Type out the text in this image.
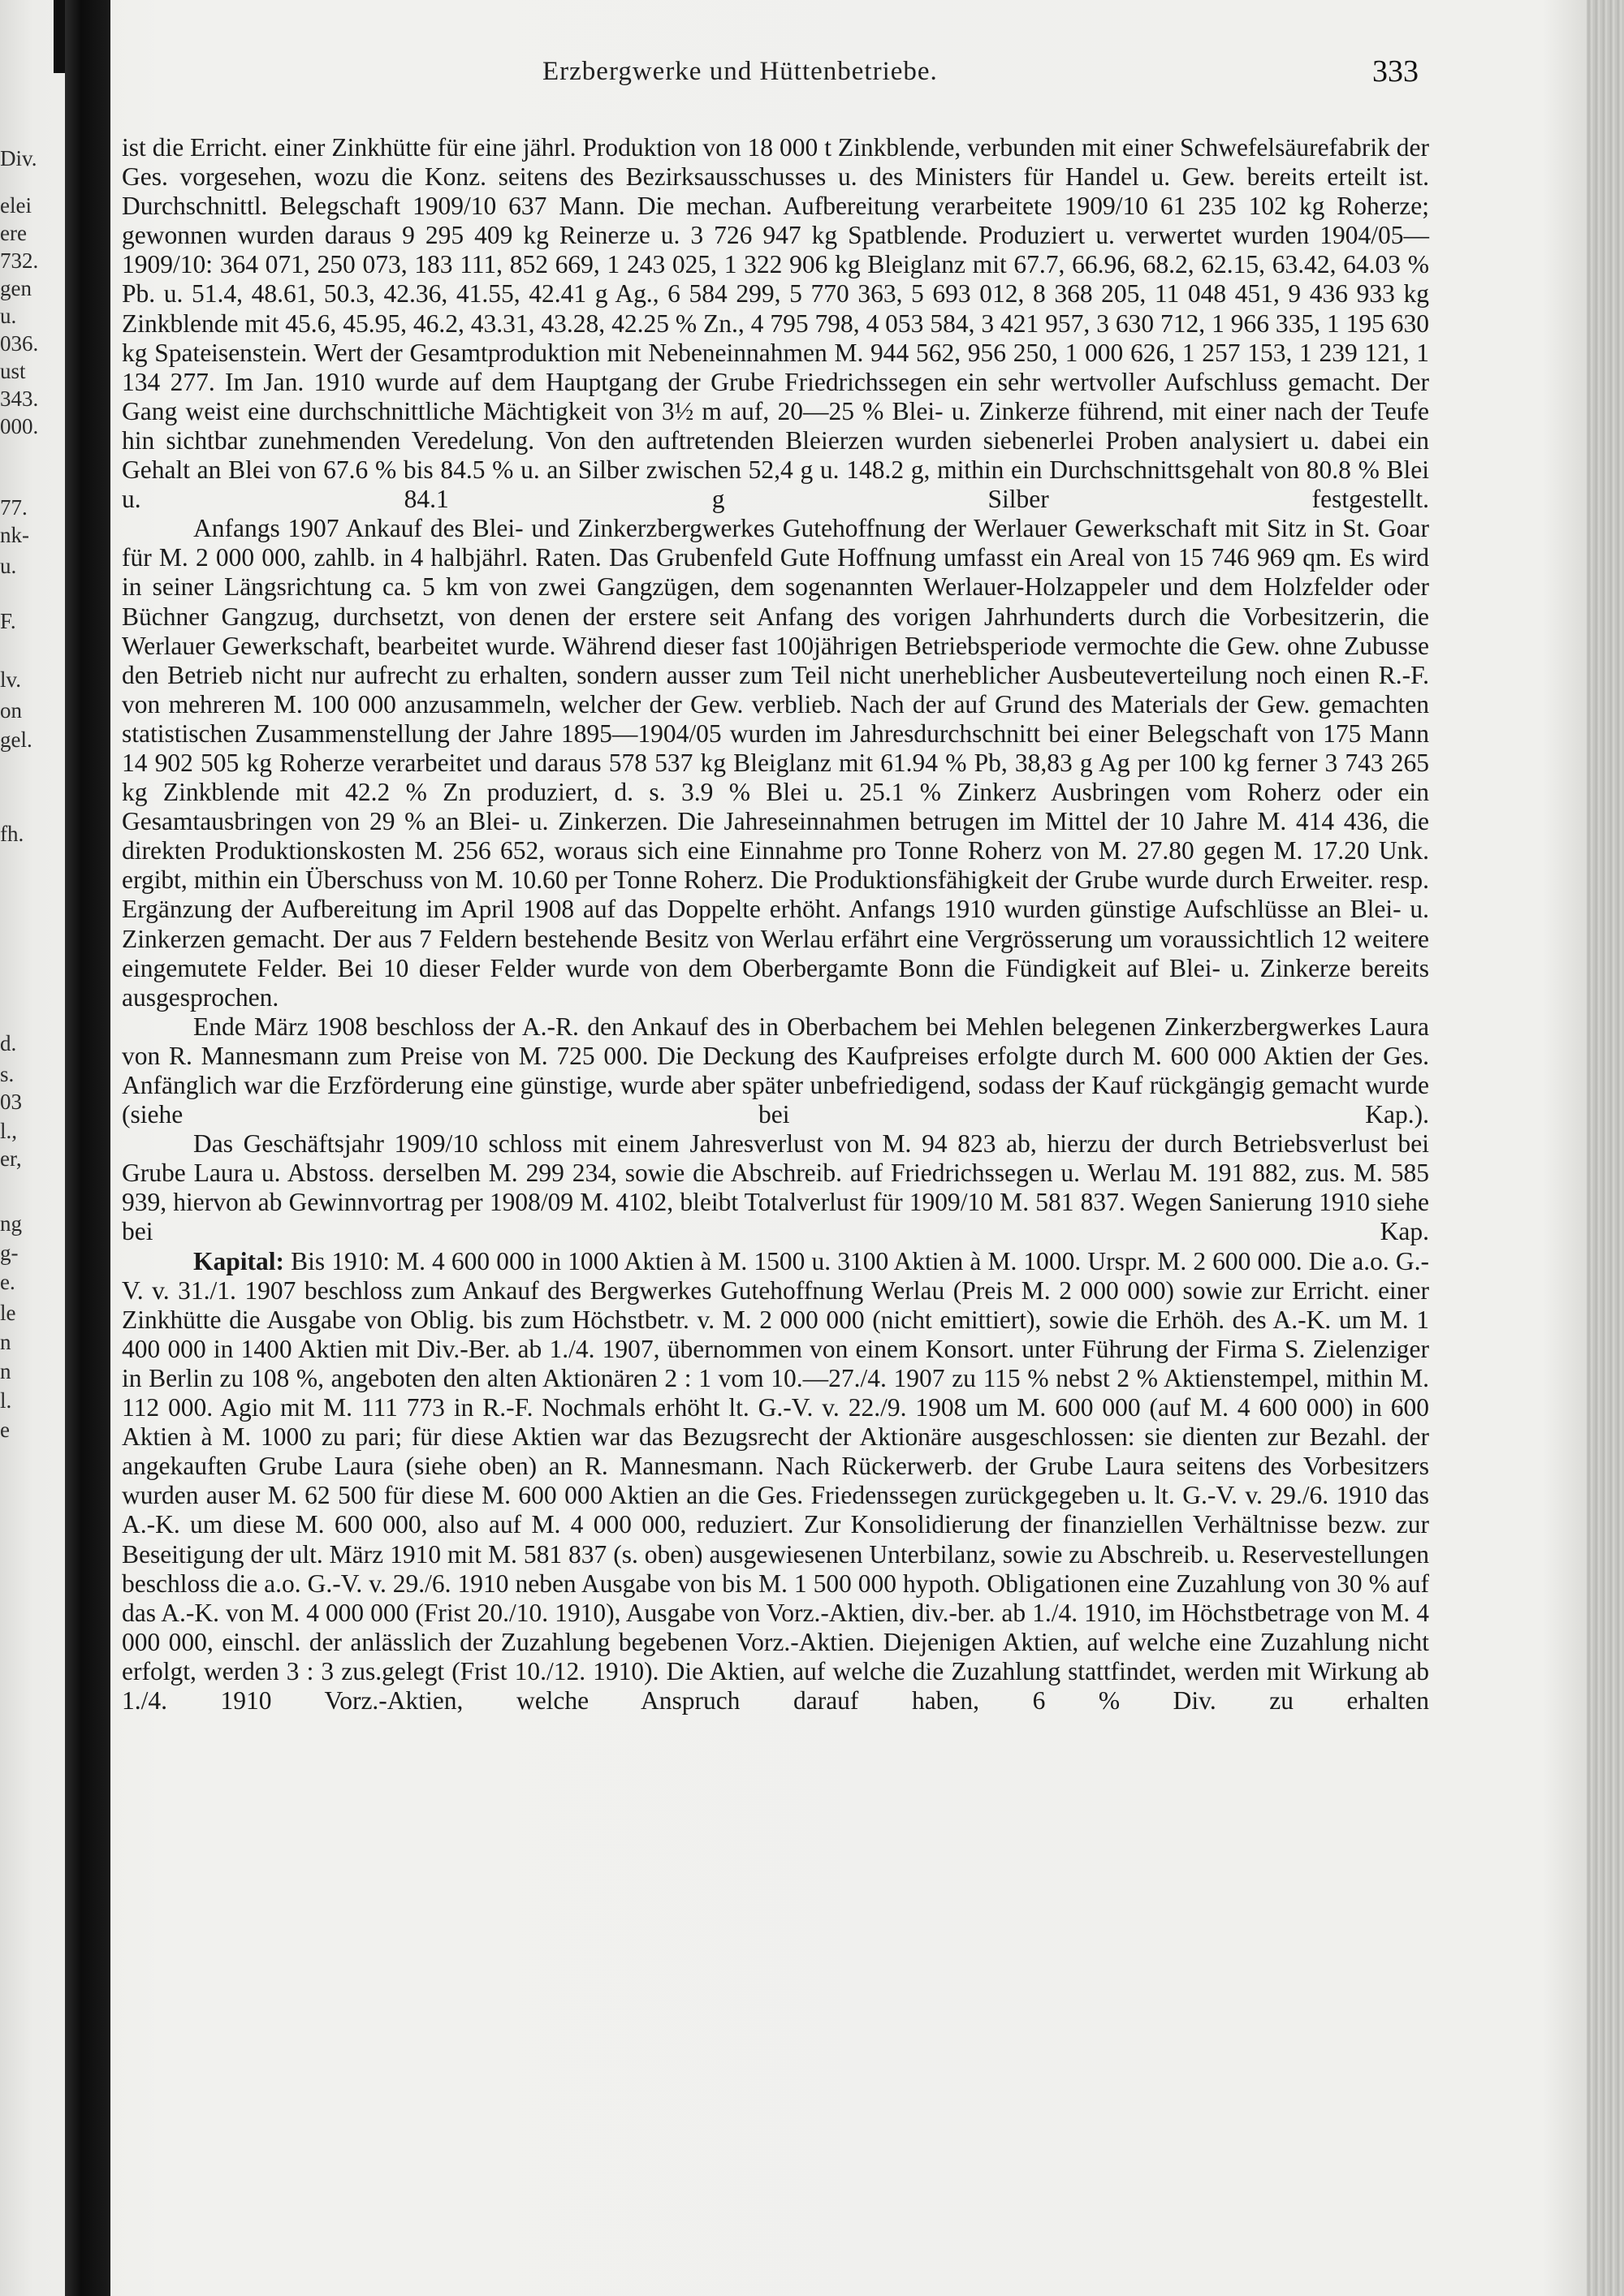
Div.
elei
ere
732.
gen
u.
036.
ust
343.
000.
77.
nk-
u.
F.
lv.
on
gel.
fh.
d.
s.
03
l.,
er,
ng
g-
e.
le
n
n
l.
e
Erzbergwerke und Hüttenbetriebe.	333

ist die Erricht. einer Zinkhütte für eine jährl. Produktion von 18 000 t Zinkblende, verbunden mit einer Schwefelsäurefabrik der Ges. vorgesehen, wozu die Konz. seitens des Bezirksausschusses u. des Ministers für Handel u. Gew. bereits erteilt ist. Durchschnittl. Belegschaft 1909/10 637 Mann. Die mechan. Aufbereitung verarbeitete 1909/10 61 235 102 kg Roherze; gewonnen wurden daraus 9 295 409 kg Reinerze u. 3 726 947 kg Spatblende. Produziert u. verwertet wurden 1904/05—1909/10: 364 071, 250 073, 183 111, 852 669, 1 243 025, 1 322 906 kg Bleiglanz mit 67.7, 66.96, 68.2, 62.15, 63.42, 64.03 % Pb. u. 51.4, 48.61, 50.3, 42.36, 41.55, 42.41 g Ag., 6 584 299, 5 770 363, 5 693 012, 8 368 205, 11 048 451, 9 436 933 kg Zinkblende mit 45.6, 45.95, 46.2, 43.31, 43.28, 42.25 % Zn., 4 795 798, 4 053 584, 3 421 957, 3 630 712, 1 966 335, 1 195 630 kg Spateisenstein. Wert der Gesamtproduktion mit Nebeneinnahmen M. 944 562, 956 250, 1 000 626, 1 257 153, 1 239 121, 1 134 277. Im Jan. 1910 wurde auf dem Hauptgang der Grube Friedrichssegen ein sehr wertvoller Aufschluss gemacht. Der Gang weist eine durchschnittliche Mächtigkeit von 3½ m auf, 20—25 % Blei- u. Zinkerze führend, mit einer nach der Teufe hin sichtbar zunehmenden Veredelung. Von den auftretenden Bleierzen wurden siebenerlei Proben analysiert u. dabei ein Gehalt an Blei von 67.6 % bis 84.5 % u. an Silber zwischen 52,4 g u. 148.2 g, mithin ein Durchschnittsgehalt von 80.8 % Blei u. 84.1 g Silber festgestellt.

Anfangs 1907 Ankauf des Blei- und Zinkerzbergwerkes Gutehoffnung der Werlauer Gewerkschaft mit Sitz in St. Goar für M. 2 000 000, zahlb. in 4 halbjährl. Raten. Das Grubenfeld Gute Hoffnung umfasst ein Areal von 15 746 969 qm. Es wird in seiner Längsrichtung ca. 5 km von zwei Gangzügen, dem sogenannten Werlauer-Holzappeler und dem Holzfelder oder Büchner Gangzug, durchsetzt, von denen der erstere seit Anfang des vorigen Jahrhunderts durch die Vorbesitzerin, die Werlauer Gewerkschaft, bearbeitet wurde. Während dieser fast 100jährigen Betriebsperiode vermochte die Gew. ohne Zubusse den Betrieb nicht nur aufrecht zu erhalten, sondern ausser zum Teil nicht unerheblicher Ausbeuteverteilung noch einen R.-F. von mehreren M. 100 000 anzusammeln, welcher der Gew. verblieb. Nach der auf Grund des Materials der Gew. gemachten statistischen Zusammenstellung der Jahre 1895—1904/05 wurden im Jahresdurchschnitt bei einer Belegschaft von 175 Mann 14 902 505 kg Roherze verarbeitet und daraus 578 537 kg Bleiglanz mit 61.94 % Pb, 38,83 g Ag per 100 kg ferner 3 743 265 kg Zinkblende mit 42.2 % Zn produziert, d. s. 3.9 % Blei u. 25.1 % Zinkerz Ausbringen vom Roherz oder ein Gesamtausbringen von 29 % an Blei- u. Zinkerzen. Die Jahreseinnahmen betrugen im Mittel der 10 Jahre M. 414 436, die direkten Produktionskosten M. 256 652, woraus sich eine Einnahme pro Tonne Roherz von M. 27.80 gegen M. 17.20 Unk. ergibt, mithin ein Überschuss von M. 10.60 per Tonne Roherz. Die Produktionsfähigkeit der Grube wurde durch Erweiter. resp. Ergänzung der Aufbereitung im April 1908 auf das Doppelte erhöht. Anfangs 1910 wurden günstige Aufschlüsse an Blei- u. Zinkerzen gemacht. Der aus 7 Feldern bestehende Besitz von Werlau erfährt eine Vergrösserung um voraussichtlich 12 weitere eingemutete Felder. Bei 10 dieser Felder wurde von dem Oberbergamte Bonn die Fündigkeit auf Blei- u. Zinkerze bereits ausgesprochen.

Ende März 1908 beschloss der A.-R. den Ankauf des in Oberbachem bei Mehlen belegenen Zinkerzbergwerkes Laura von R. Mannesmann zum Preise von M. 725 000. Die Deckung des Kaufpreises erfolgte durch M. 600 000 Aktien der Ges. Anfänglich war die Erzförderung eine günstige, wurde aber später unbefriedigend, sodass der Kauf rückgängig gemacht wurde (siehe bei Kap.).

Das Geschäftsjahr 1909/10 schloss mit einem Jahresverlust von M. 94 823 ab, hierzu der durch Betriebsverlust bei Grube Laura u. Abstoss. derselben M. 299 234, sowie die Abschreib. auf Friedrichssegen u. Werlau M. 191 882, zus. M. 585 939, hiervon ab Gewinnvortrag per 1908/09 M. 4102, bleibt Totalverlust für 1909/10 M. 581 837. Wegen Sanierung 1910 siehe bei Kap.

Kapital: Bis 1910: M. 4 600 000 in 1000 Aktien à M. 1500 u. 3100 Aktien à M. 1000. Urspr. M. 2 600 000. Die a.o. G.-V. v. 31./1. 1907 beschloss zum Ankauf des Bergwerkes Gutehoffnung Werlau (Preis M. 2 000 000) sowie zur Erricht. einer Zinkhütte die Ausgabe von Oblig. bis zum Höchstbetr. v. M. 2 000 000 (nicht emittiert), sowie die Erhöh. des A.-K. um M. 1 400 000 in 1400 Aktien mit Div.-Ber. ab 1./4. 1907, übernommen von einem Konsort. unter Führung der Firma S. Zielenziger in Berlin zu 108 %, angeboten den alten Aktionären 2 : 1 vom 10.—27./4. 1907 zu 115 % nebst 2 % Aktienstempel, mithin M. 112 000. Agio mit M. 111 773 in R.-F. Nochmals erhöht lt. G.-V. v. 22./9. 1908 um M. 600 000 (auf M. 4 600 000) in 600 Aktien à M. 1000 zu pari; für diese Aktien war das Bezugsrecht der Aktionäre ausgeschlossen: sie dienten zur Bezahl. der angekauften Grube Laura (siehe oben) an R. Mannesmann. Nach Rückerwerb. der Grube Laura seitens des Vorbesitzers wurden auser M. 62 500 für diese M. 600 000 Aktien an die Ges. Friedenssegen zurückgegeben u. lt. G.-V. v. 29./6. 1910 das A.-K. um diese M. 600 000, also auf M. 4 000 000, reduziert. Zur Konsolidierung der finanziellen Verhältnisse bezw. zur Beseitigung der ult. März 1910 mit M. 581 837 (s. oben) ausgewiesenen Unterbilanz, sowie zu Abschreib. u. Reservestellungen beschloss die a.o. G.-V. v. 29./6. 1910 neben Ausgabe von bis M. 1 500 000 hypoth. Obligationen eine Zuzahlung von 30 % auf das A.-K. von M. 4 000 000 (Frist 20./10. 1910), Ausgabe von Vorz.-Aktien, div.-ber. ab 1./4. 1910, im Höchstbetrage von M. 4 000 000, einschl. der anlässlich der Zuzahlung begebenen Vorz.-Aktien. Diejenigen Aktien, auf welche eine Zuzahlung nicht erfolgt, werden 3 : 3 zus.gelegt (Frist 10./12. 1910). Die Aktien, auf welche die Zuzahlung stattfindet, werden mit Wirkung ab 1./4. 1910 Vorz.-Aktien, welche Anspruch darauf haben, 6 % Div. zu erhalten
